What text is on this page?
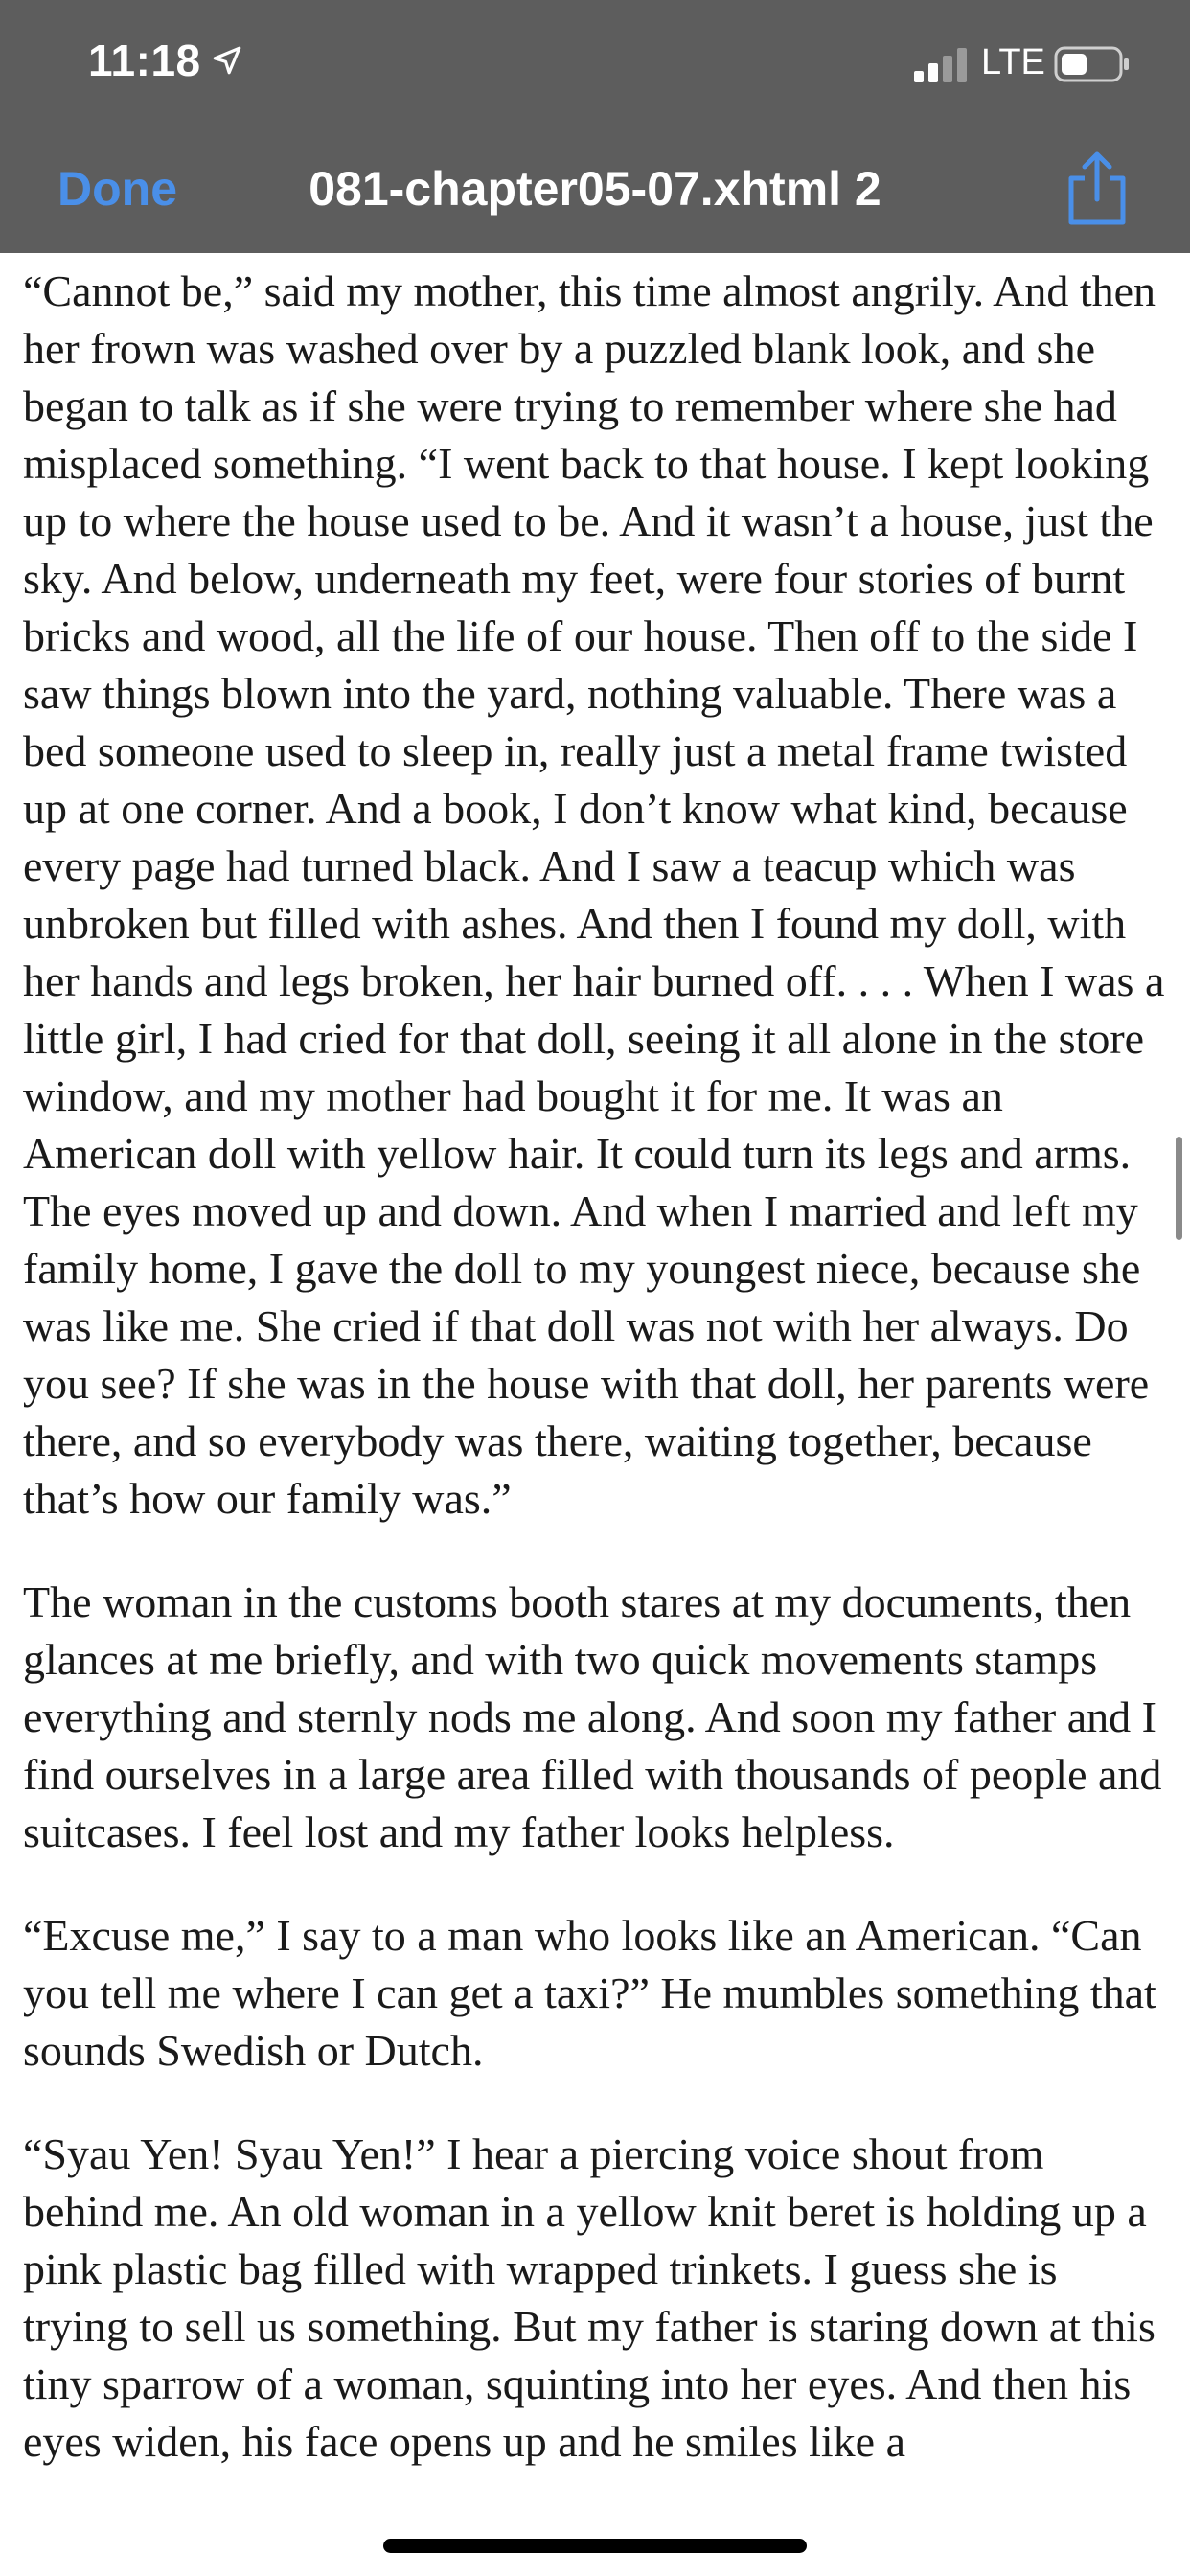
11:18	LTE
Done	081-chapter05-07.xhtml 2

“Cannot be,” said my mother, this time almost angrily. And then her frown was washed over by a puzzled blank look, and she began to talk as if she were trying to remember where she had misplaced something. “I went back to that house. I kept looking up to where the house used to be. And it wasn’t a house, just the sky. And below, underneath my feet, were four stories of burnt bricks and wood, all the life of our house. Then off to the side I saw things blown into the yard, nothing valuable. There was a bed someone used to sleep in, really just a metal frame twisted up at one corner. And a book, I don’t know what kind, because every page had turned black. And I saw a teacup which was unbroken but filled with ashes. And then I found my doll, with her hands and legs broken, her hair burned off. . . . When I was a little girl, I had cried for that doll, seeing it all alone in the store window, and my mother had bought it for me. It was an American doll with yellow hair. It could turn its legs and arms. The eyes moved up and down. And when I married and left my family home, I gave the doll to my youngest niece, because she was like me. She cried if that doll was not with her always. Do you see? If she was in the house with that doll, her parents were there, and so everybody was there, waiting together, because that’s how our family was.”

The woman in the customs booth stares at my documents, then glances at me briefly, and with two quick movements stamps everything and sternly nods me along. And soon my father and I find ourselves in a large area filled with thousands of people and suitcases. I feel lost and my father looks helpless.

“Excuse me,” I say to a man who looks like an American. “Can you tell me where I can get a taxi?” He mumbles something that sounds Swedish or Dutch.

“Syau Yen! Syau Yen!” I hear a piercing voice shout from behind me. An old woman in a yellow knit beret is holding up a pink plastic bag filled with wrapped trinkets. I guess she is trying to sell us something. But my father is staring down at this tiny sparrow of a woman, squinting into her eyes. And then his eyes widen, his face opens up and he smiles like a
